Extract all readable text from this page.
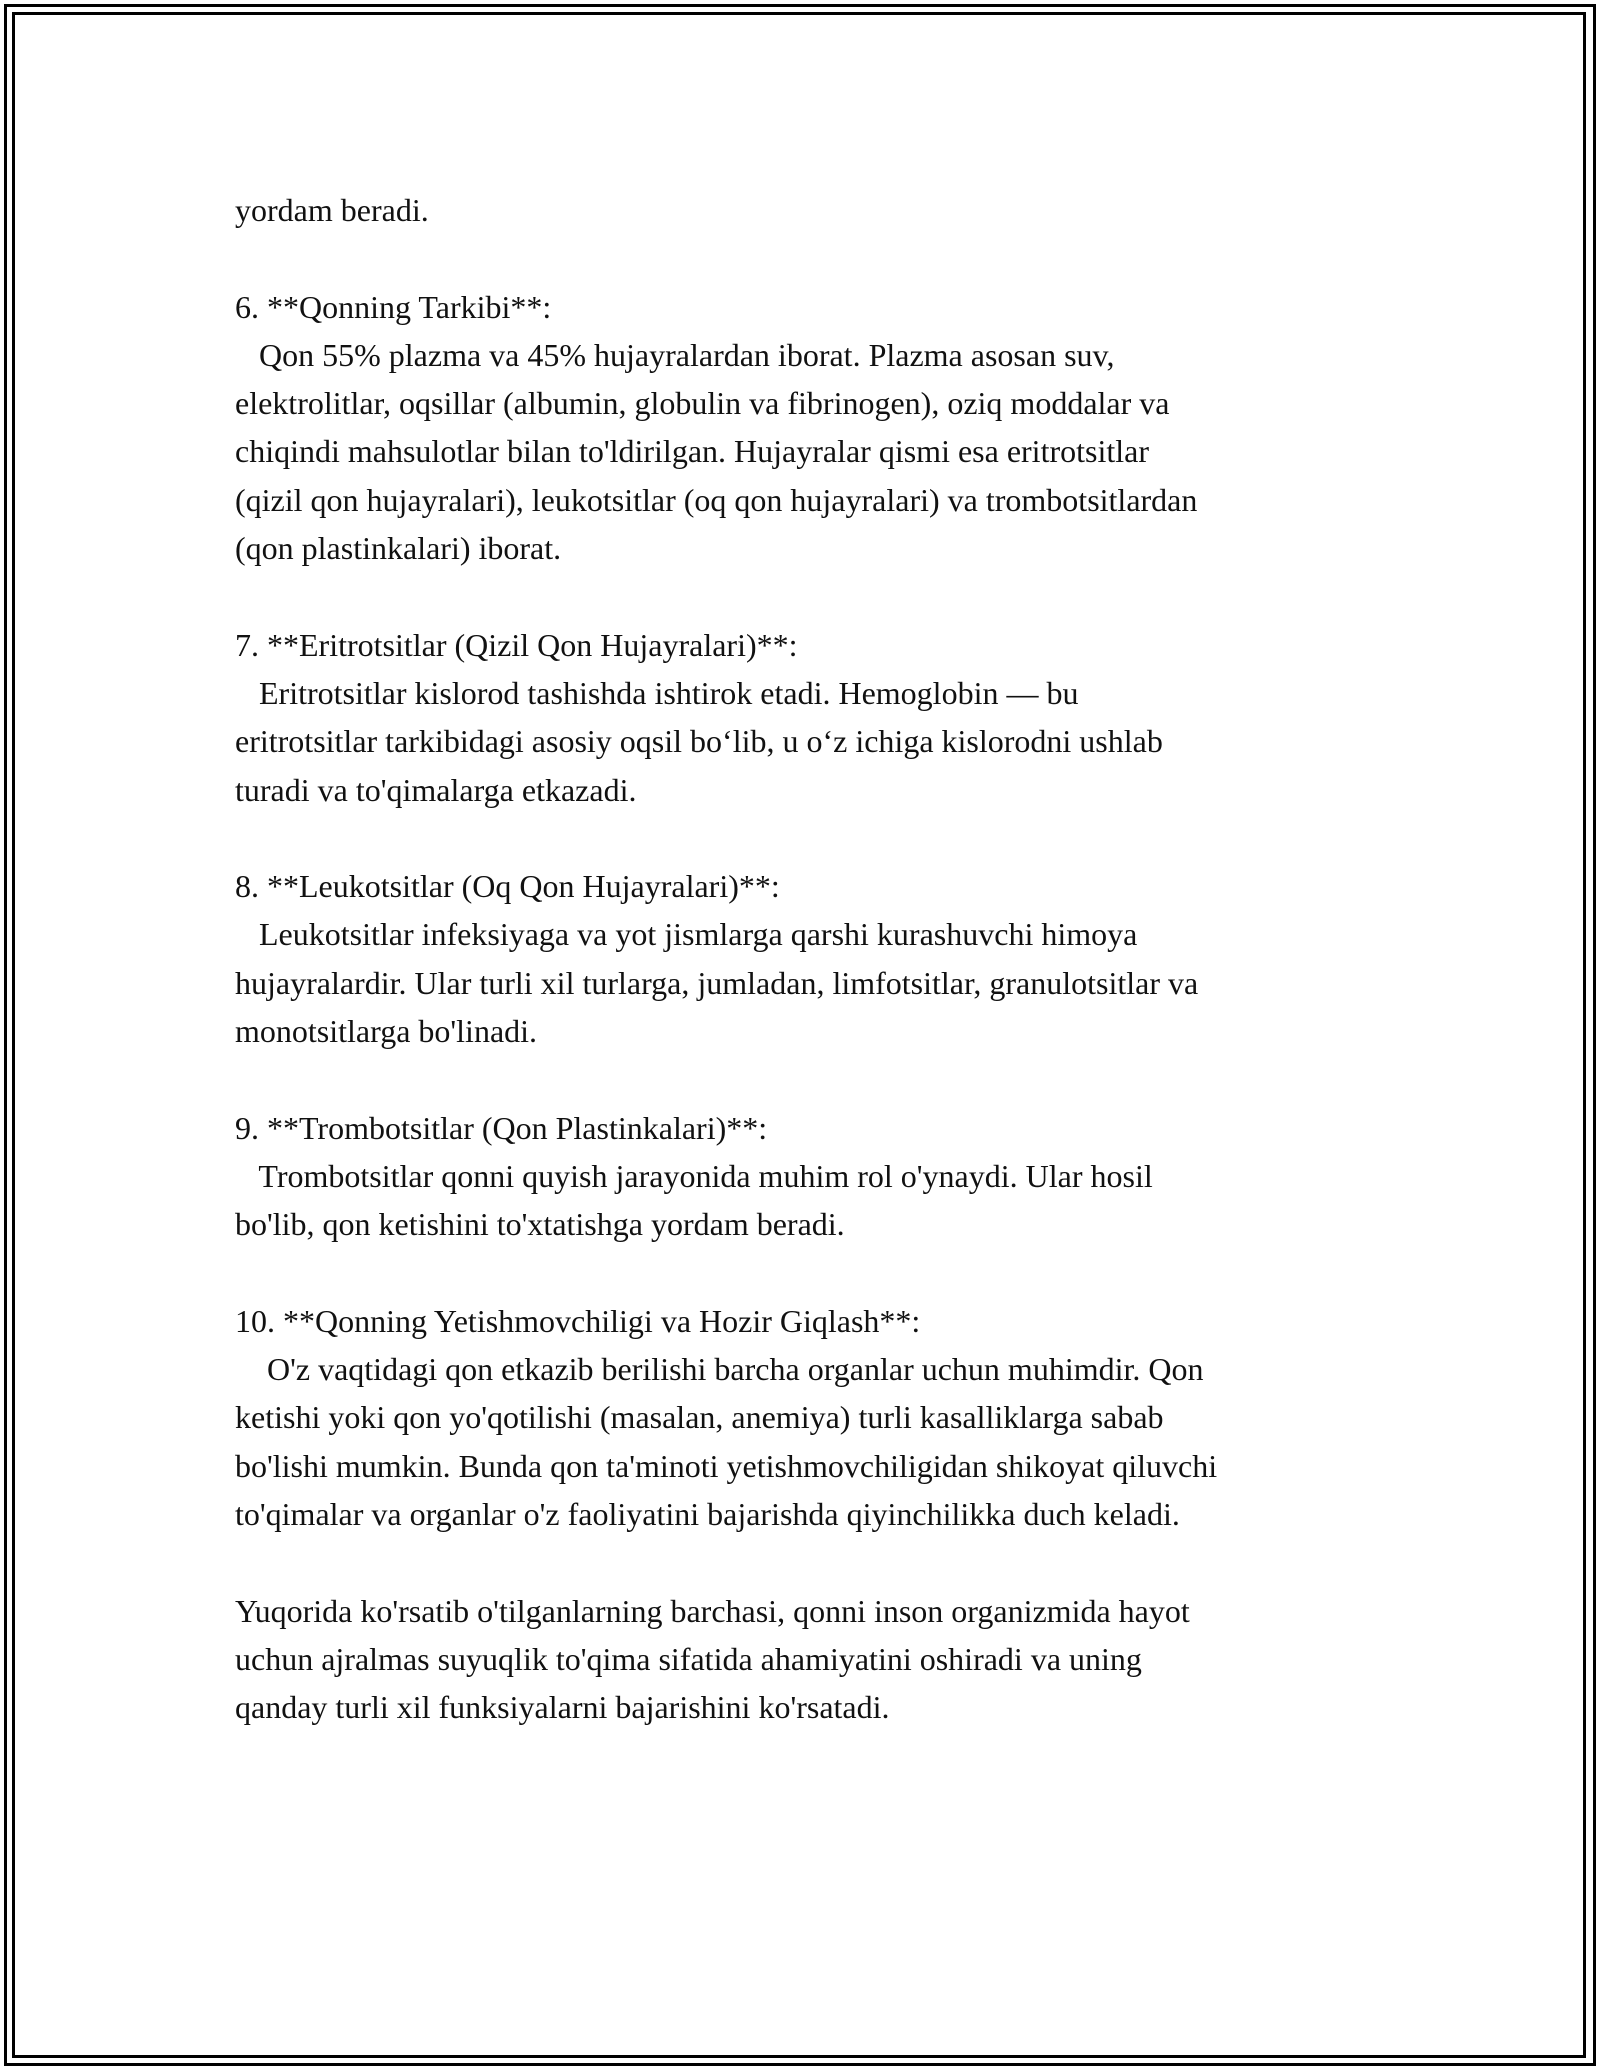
yordam beradi.
6. **Qonning Tarkibi**:
Qon 55% plazma va 45% hujayralardan iborat. Plazma asosan suv,
elektrolitlar, oqsillar (albumin, globulin va fibrinogen), oziq moddalar va
chiqindi mahsulotlar bilan to'ldirilgan. Hujayralar qismi esa eritrotsitlar
(qizil qon hujayralari), leukotsitlar (oq qon hujayralari) va trombotsitlardan
(qon plastinkalari) iborat.
7. **Eritrotsitlar (Qizil Qon Hujayralari)**:
Eritrotsitlar kislorod tashishda ishtirok etadi. Hemoglobin — bu
eritrotsitlar tarkibidagi asosiy oqsil bo‘lib, u o‘z ichiga kislorodni ushlab
turadi va to'qimalarga etkazadi.
8. **Leukotsitlar (Oq Qon Hujayralari)**:
Leukotsitlar infeksiyaga va yot jismlarga qarshi kurashuvchi himoya
hujayralardir. Ular turli xil turlarga, jumladan, limfotsitlar, granulotsitlar va
monotsitlarga bo'linadi.
9. **Trombotsitlar (Qon Plastinkalari)**:
Trombotsitlar qonni quyish jarayonida muhim rol o'ynaydi. Ular hosil
bo'lib, qon ketishini to'xtatishga yordam beradi.
10. **Qonning Yetishmovchiligi va Hozir Giqlash**:
O'z vaqtidagi qon etkazib berilishi barcha organlar uchun muhimdir. Qon
ketishi yoki qon yo'qotilishi (masalan, anemiya) turli kasalliklarga sabab
bo'lishi mumkin. Bunda qon ta'minoti yetishmovchiligidan shikoyat qiluvchi
to'qimalar va organlar o'z faoliyatini bajarishda qiyinchilikka duch keladi.
Yuqorida ko'rsatib o'tilganlarning barchasi, qonni inson organizmida hayot
uchun ajralmas suyuqlik to'qima sifatida ahamiyatini oshiradi va uning
qanday turli xil funksiyalarni bajarishini ko'rsatadi.
